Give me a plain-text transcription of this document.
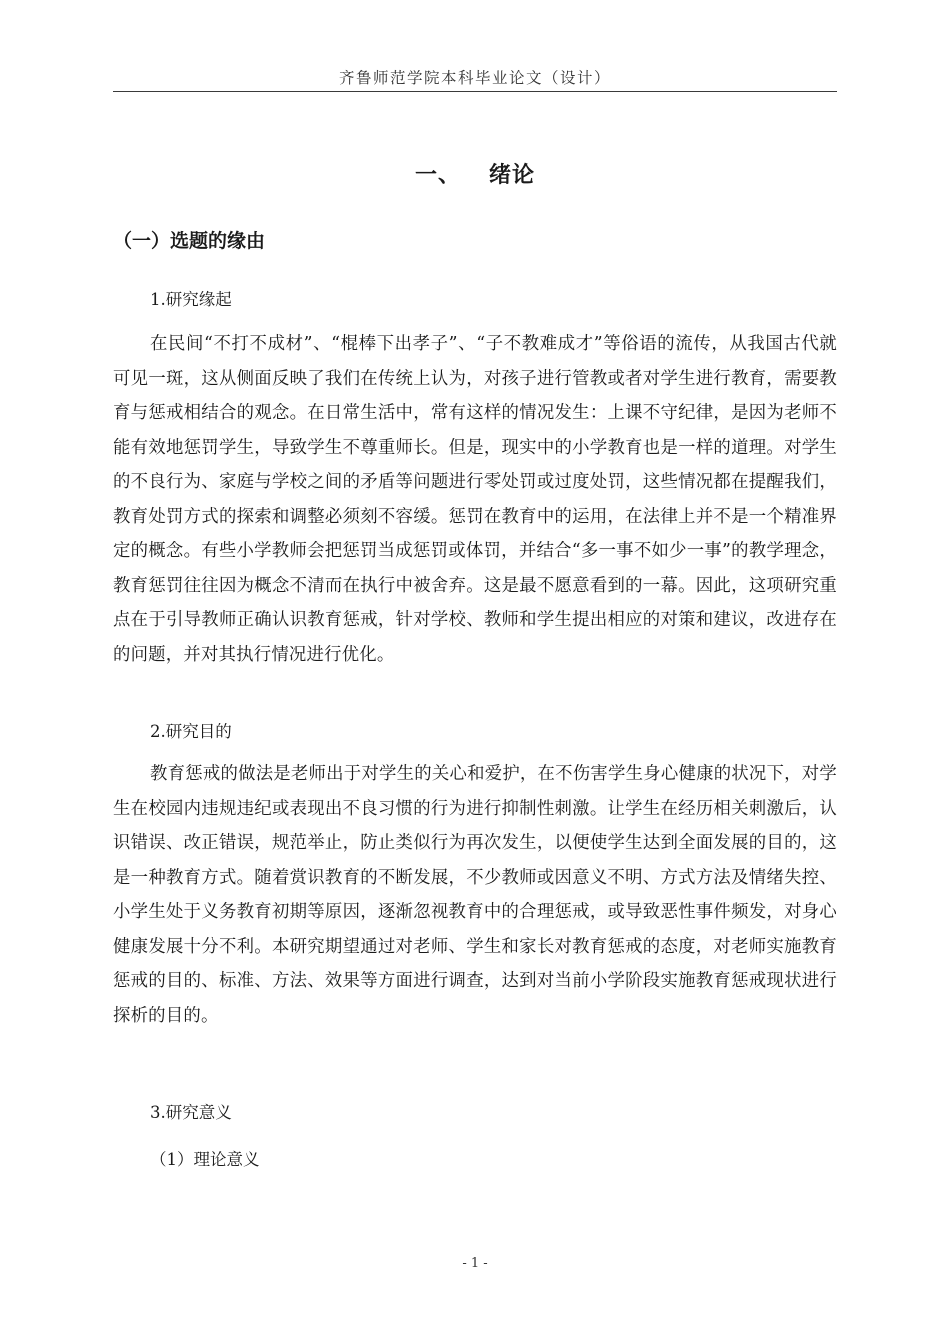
齐鲁师范学院本科毕业论文（设计）
一、 绪论
（一）选题的缘由
1.研究缘起
在民间“不打不成材”、“棍棒下出孝子”、“子不教难成才”等俗语的流传，从我国古代就可见一斑，这从侧面反映了我们在传统上认为，对孩子进行管教或者对学生进行教育，需要教育与惩戒相结合的观念。在日常生活中，常有这样的情况发生：上课不守纪律，是因为老师不能有效地惩罚学生，导致学生不尊重师长。但是，现实中的小学教育也是一样的道理。对学生的不良行为、家庭与学校之间的矛盾等问题进行零处罚或过度处罚，这些情况都在提醒我们，教育处罚方式的探索和调整必须刻不容缓。惩罚在教育中的运用，在法律上并不是一个精准界定的概念。有些小学教师会把惩罚当成惩罚或体罚，并结合“多一事不如少一事”的教学理念，教育惩罚往往因为概念不清而在执行中被舍弃。这是最不愿意看到的一幕。因此，这项研究重点在于引导教师正确认识教育惩戒，针对学校、教师和学生提出相应的对策和建议，改进存在的问题，并对其执行情况进行优化。
2.研究目的
教育惩戒的做法是老师出于对学生的关心和爱护，在不伤害学生身心健康的状况下，对学生在校园内违规违纪或表现出不良习惯的行为进行抑制性刺激。让学生在经历相关刺激后，认识错误、改正错误，规范举止，防止类似行为再次发生，以便使学生达到全面发展的目的，这是一种教育方式。随着赏识教育的不断发展，不少教师或因意义不明、方式方法及情绪失控、小学生处于义务教育初期等原因，逐渐忽视教育中的合理惩戒，或导致恶性事件频发，对身心健康发展十分不利。本研究期望通过对老师、学生和家长对教育惩戒的态度，对老师实施教育惩戒的目的、标准、方法、效果等方面进行调查，达到对当前小学阶段实施教育惩戒现状进行探析的目的。
3.研究意义
（1）理论意义
- 1 -
